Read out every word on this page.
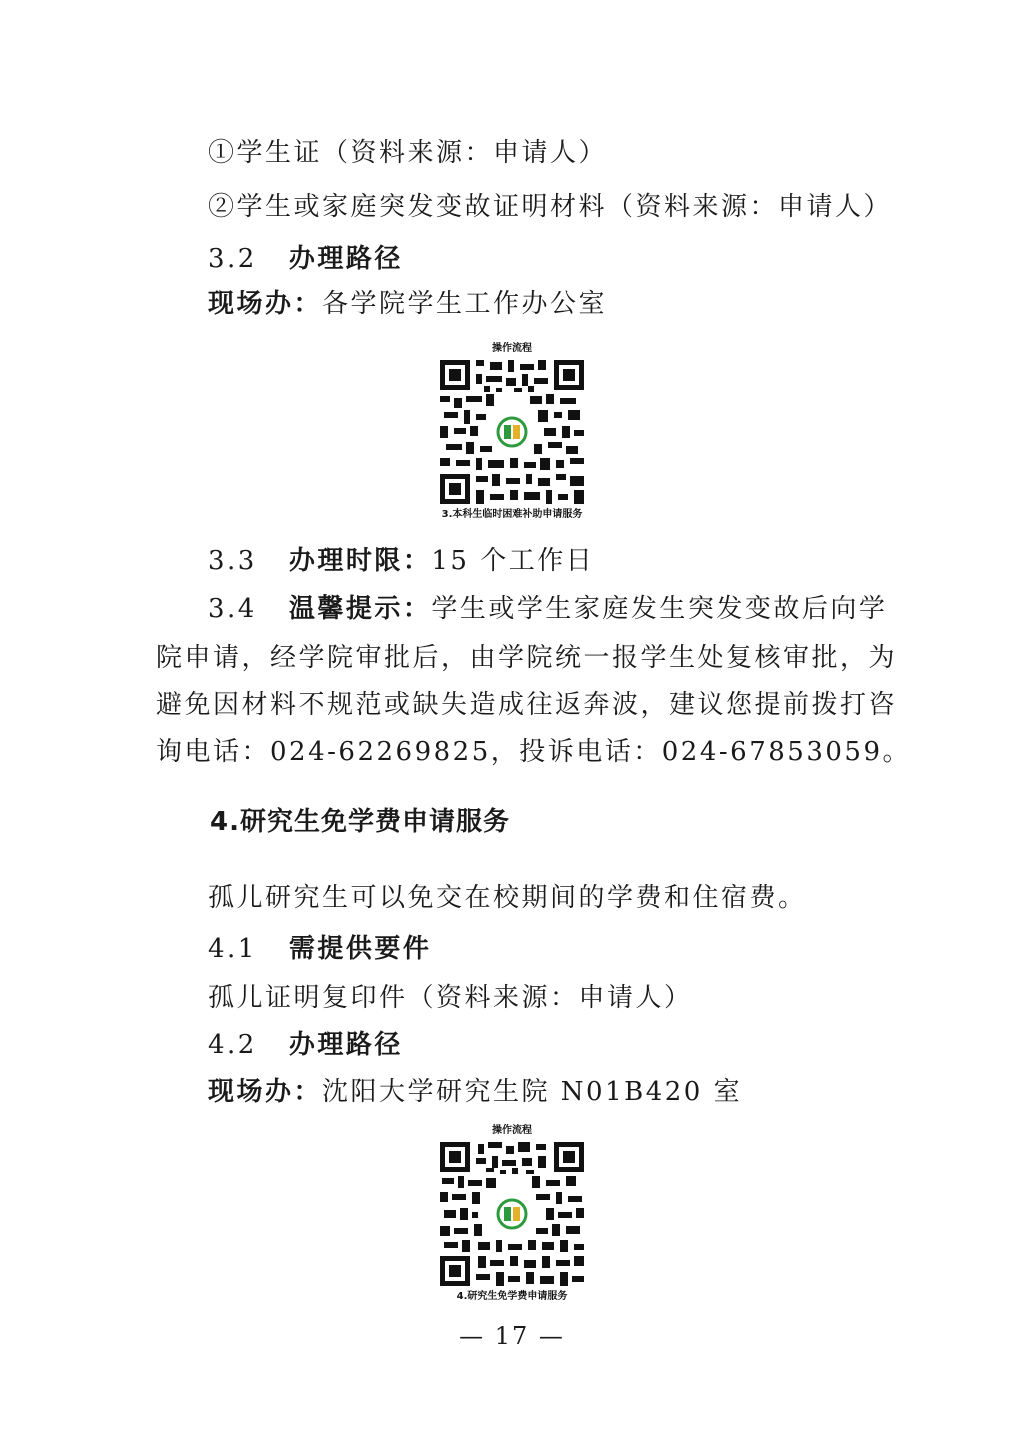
①学生证（资料来源：申请人）
②学生或家庭突发变故证明材料（资料来源：申请人）
3.2 办理路径
现场办：各学院学生工作办公室
操作流程
3.本科生临时困难补助申请服务
3.3 办理时限：15 个工作日
3.4 温馨提示：学生或学生家庭发生突发变故后向学
院申请，经学院审批后，由学院统一报学生处复核审批，为
避免因材料不规范或缺失造成往返奔波，建议您提前拨打咨
询电话：024-62269825，投诉电话：024-67853059。
4.研究生免学费申请服务
孤儿研究生可以免交在校期间的学费和住宿费。
4.1 需提供要件
孤儿证明复印件（资料来源：申请人）
4.2 办理路径
现场办：沈阳大学研究生院 N01B420 室
操作流程
4.研究生免学费申请服务
— 17 —
